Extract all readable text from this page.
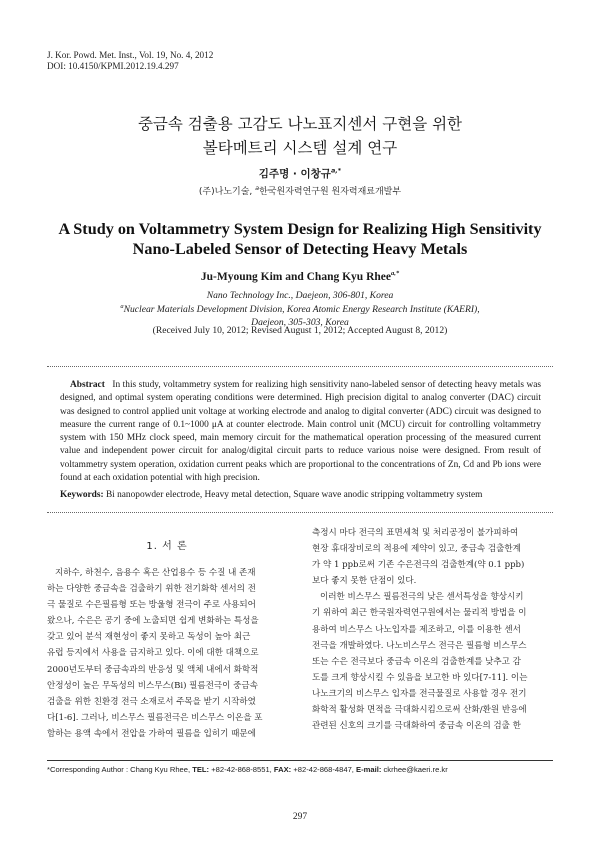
J. Kor. Powd. Met. Inst., Vol. 19, No. 4, 2012
DOI: 10.4150/KPMI.2012.19.4.297
중금속 검출용 고감도 나노표지센서 구현을 위한
볼타메트리 시스템 설계 연구
김주명 · 이창규$^{a,*}$
(주)나노기술, $^a$한국원자력연구원 원자력재료개발부
A Study on Voltammetry System Design for Realizing High Sensitivity
Nano-Labeled Sensor of Detecting Heavy Metals
Ju-Myoung Kim and Chang Kyu Rhee$^{a,*}$
Nano Technology Inc., Daejeon, 306-801, Korea
$^a$Nuclear Materials Development Division, Korea Atomic Energy Research Institute (KAERI),
Daejeon, 305-303, Korea
(Received July 10, 2012; Revised August 1, 2012; Accepted August 8, 2012)
Abstract In this study, voltammetry system for realizing high sensitivity nano-labeled sensor of detecting heavy metals was designed, and optimal system operating conditions were determined. High precision digital to analog converter (DAC) circuit was designed to control applied unit voltage at working electrode and analog to digital converter (ADC) circuit was designed to measure the current range of 0.1~1000 μA at counter electrode. Main control unit (MCU) circuit for controlling voltammetry system with 150 MHz clock speed, main memory circuit for the mathematical operation processing of the measured current value and independent power circuit for analog/digital circuit parts to reduce various noise were designed. From result of voltammetry system operation, oxidation current peaks which are proportional to the concentrations of Zn, Cd and Pb ions were found at each oxidation potential with high precision.
Keywords: Bi nanopowder electrode, Heavy metal detection, Square wave anodic stripping voltammetry system
1. 서 론
지하수, 하천수, 음용수 혹은 산업용수 등 수질 내 존재
하는 다양한 중금속을 검출하기 위한 전기화학 센서의 전
극 물질로 수은필름형 또는 방울형 전극이 주로 사용되어
왔으나, 수은은 공기 중에 노출되면 쉽게 변화하는 특성을
갖고 있어 분석 재현성이 좋지 못하고 독성이 높아 최근
유럽 등지에서 사용을 금지하고 있다. 이에 대한 대책으로
2000년도부터 중금속과의 반응성 및 액체 내에서 화학적
안정성이 높은 무독성의 비스무스(Bi) 필름전극이 중금속
검출을 위한 친환경 전극 소재로서 주목을 받기 시작하였
다[1-6]. 그러나, 비스무스 필름전극은 비스무스 이온을 포
함하는 용액 속에서 전압을 가하여 필름을 입히기 때문에
측정시 마다 전극의 표면세척 및 처리공정이 불가피하여
현장 휴대장비로의 적용에 제약이 있고, 중금속 검출한계
가 약 1 ppb로써 기존 수은전극의 검출한계(약 0.1 ppb)
보다 좋지 못한 단점이 있다.
이러한 비스무스 필름전극의 낮은 센서특성을 향상시키
기 위하여 최근 한국원자력연구원에서는 물리적 방법을 이
용하여 비스무스 나노입자를 제조하고, 이를 이용한 센서
전극을 개발하였다. 나노비스무스 전극은 필름형 비스무스
또는 수은 전극보다 중금속 이온의 검출한계를 낮추고 감
도를 크게 향상시킬 수 있음을 보고한 바 있다[7-11]. 이는
나노크기의 비스무스 입자를 전극물질로 사용할 경우 전기
화학적 활성화 면적을 극대화시킴으로써 산화/환원 반응에
관련된 신호의 크기를 극대화하여 중금속 이온의 검출 한
*Corresponding Author : Chang Kyu Rhee, TEL: +82-42-868-8551, FAX: +82-42-868-4847, E-mail: ckrhee@kaeri.re.kr
297
